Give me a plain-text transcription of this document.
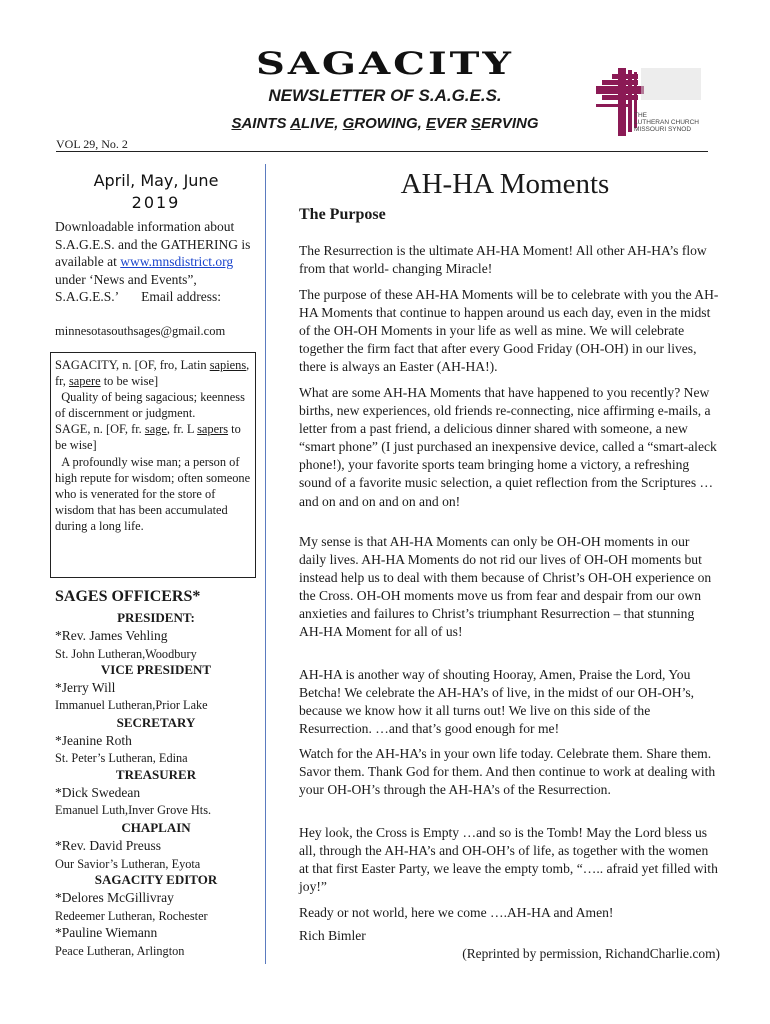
SAGACITY
NEWSLETTER OF S.A.G.E.S.
SAINTS ALIVE, GROWING, EVER SERVING
VOL 29, No. 2
THE
LUTHERAN CHURCH
MISSOURI SYNOD
April, May, June
2019
Downloadable information about S.A.G.E.S. and the GATHERING is available at www.mnsdistrict.org under ‘News and Events”,
S.A.G.E.S.’ Email address:
minnesotasouthsages@gmail.com
SAGACITY, n. [OF, fro, Latin sapiens, fr, sapere to be wise]
Quality of being sagacious; keenness of discernment or judgment.
SAGE, n. [OF, fr. sage, fr. L sapers to be wise]
A profoundly wise man; a person of high repute for wisdom; often someone who is venerated for the store of wisdom that has been accumulated during a long life.
SAGES OFFICERS*
PRESIDENT:
*Rev. James Vehling
St. John Lutheran,Woodbury
VICE PRESIDENT
*Jerry Will
Immanuel Lutheran,Prior Lake
SECRETARY
*Jeanine Roth
St. Peter’s Lutheran, Edina
TREASURER
*Dick Swedean
Emanuel Luth,Inver Grove Hts.
CHAPLAIN
*Rev. David Preuss
Our Savior’s Lutheran, Eyota
SAGACITY EDITOR
*Delores McGillivray
Redeemer Lutheran, Rochester
*Pauline Wiemann
Peace Lutheran, Arlington
AH-HA Moments
The Purpose
The Resurrection is the ultimate AH-HA Moment! All other AH-HA’s flow from that world- changing Miracle!
The purpose of these AH-HA Moments will be to celebrate with you the AH-HA Moments that continue to happen around us each day, even in the midst of the OH-OH Moments in your life as well as mine. We will celebrate together the firm fact that after every Good Friday (OH-OH) in our lives, there is always an Easter (AH-HA!).
What are some AH-HA Moments that have happened to you recently? New births, new experiences, old friends re-connecting, nice affirming e-mails, a letter from a past friend, a delicious dinner shared with someone, a new “smart phone” (I just purchased an inexpensive device, called a “smart-aleck phone!), your favorite sports team bringing home a victory, a refreshing sound of a favorite music selection, a quiet reflection from the Scriptures …and on and on and on and on!
My sense is that AH-HA Moments can only be OH-OH moments in our daily lives. AH-HA Moments do not rid our lives of OH-OH moments but instead help us to deal with them because of Christ’s OH-OH experience on the Cross. OH-OH moments move us from fear and despair from our own anxieties and failures to Christ’s triumphant Resurrection – that stunning AH-HA Moment for all of us!
AH-HA is another way of shouting Hooray, Amen, Praise the Lord, You Betcha! We celebrate the AH-HA’s of live, in the midst of our OH-OH’s, because we know how it all turns out! We live on this side of the Resurrection. …and that’s good enough for me!
Watch for the AH-HA’s in your own life today. Celebrate them. Share them. Savor them. Thank God for them. And then continue to work at dealing with your OH-OH’s through the AH-HA’s of the Resurrection.
Hey look, the Cross is Empty …and so is the Tomb! May the Lord bless us all, through the AH-HA’s and OH-OH’s of life, as together with the women at that first Easter Party, we leave the empty tomb, “….. afraid yet filled with joy!”
Ready or not world, here we come ….AH-HA and Amen!
Rich Bimler
(Reprinted by permission, RichandCharlie.com)
